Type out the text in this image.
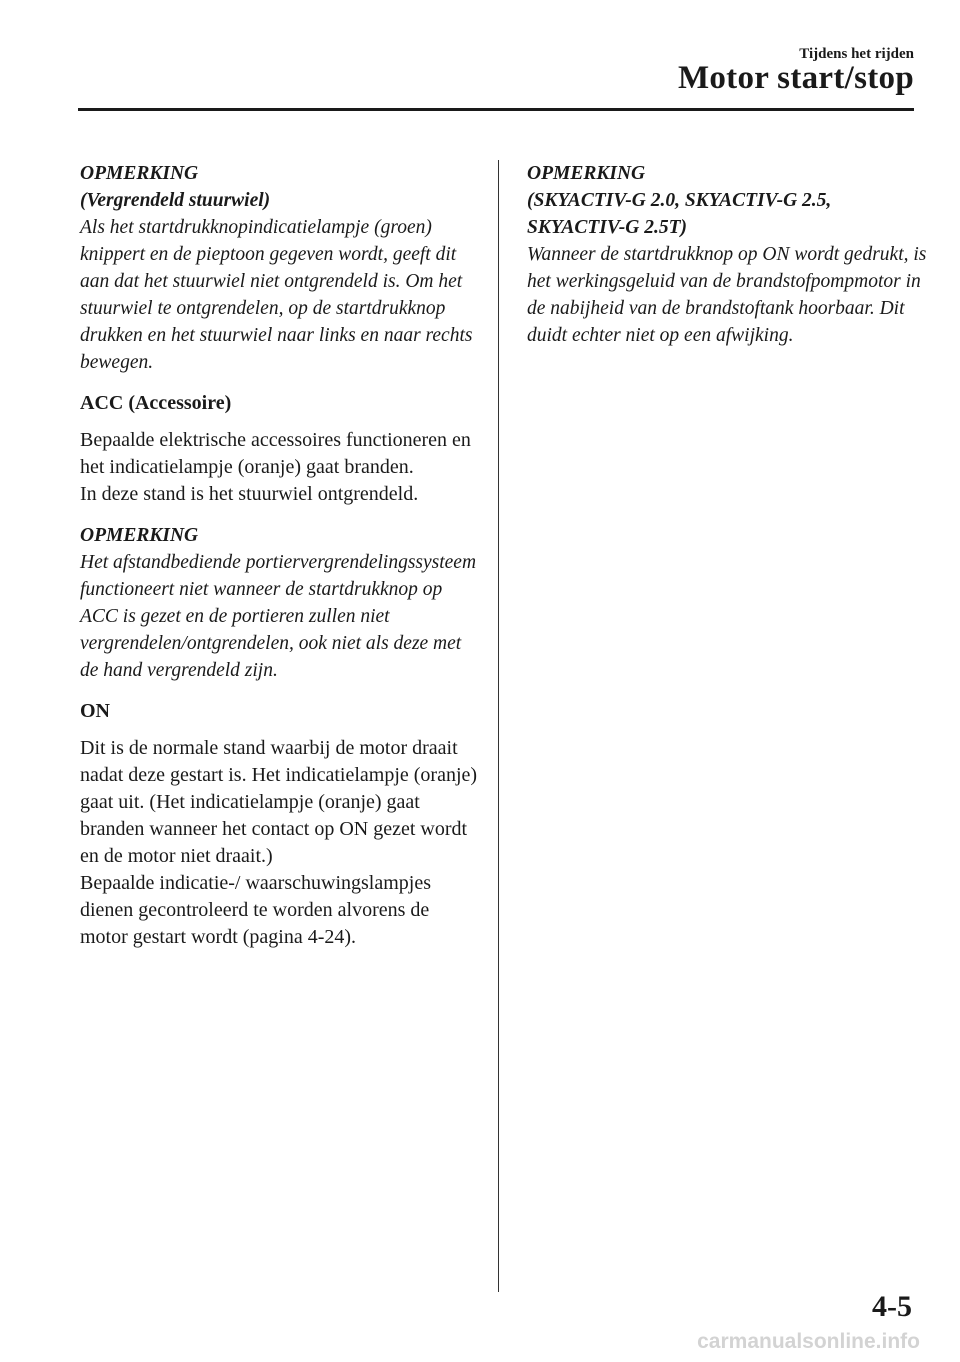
Tijdens het rijden
Motor start/stop
OPMERKING
(Vergrendeld stuurwiel)
Als het startdrukknopindicatielampje (groen) knippert en de pieptoon gegeven wordt, geeft dit aan dat het stuurwiel niet ontgrendeld is. Om het stuurwiel te ontgrendelen, op de startdrukknop drukken en het stuurwiel naar links en naar rechts bewegen.
ACC (Accessoire)
Bepaalde elektrische accessoires functioneren en het indicatielampje (oranje) gaat branden.
In deze stand is het stuurwiel ontgrendeld.
OPMERKING
Het afstandbediende portiervergrendelingssysteem functioneert niet wanneer de startdrukknop op ACC is gezet en de portieren zullen niet vergrendelen/ontgrendelen, ook niet als deze met de hand vergrendeld zijn.
ON
Dit is de normale stand waarbij de motor draait nadat deze gestart is. Het indicatielampje (oranje) gaat uit. (Het indicatielampje (oranje) gaat branden wanneer het contact op ON gezet wordt en de motor niet draait.)
Bepaalde indicatie-/ waarschuwingslampjes dienen gecontroleerd te worden alvorens de motor gestart wordt (pagina 4-24).
OPMERKING
(SKYACTIV-G 2.0, SKYACTIV-G 2.5, SKYACTIV-G 2.5T)
Wanneer de startdrukknop op ON wordt gedrukt, is het werkingsgeluid van de brandstofpompmotor in de nabijheid van de brandstoftank hoorbaar. Dit duidt echter niet op een afwijking.
4-5
carmanualsonline.info
